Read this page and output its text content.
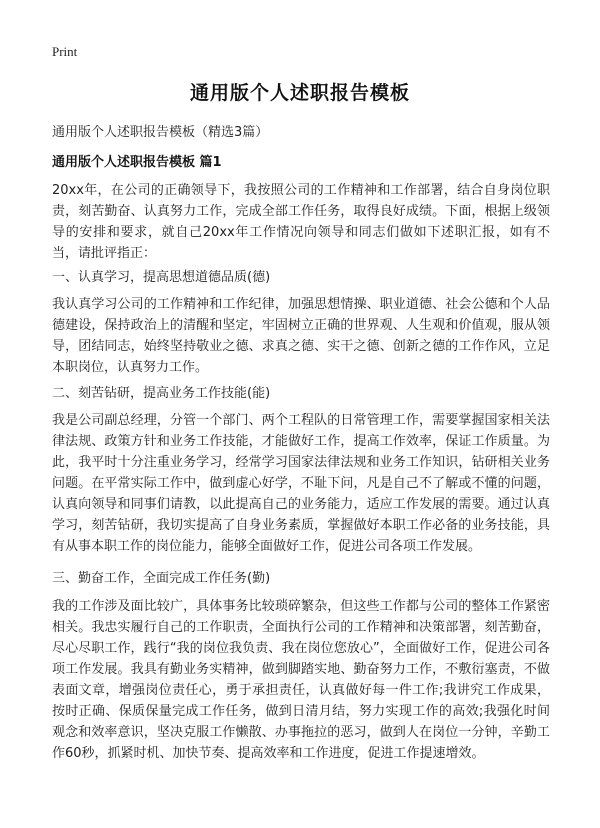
Print
通用版个人述职报告模板
通用版个人述职报告模板（精选3篇）
通用版个人述职报告模板 篇1

20xx年，在公司的正确领导下，我按照公司的工作精神和工作部署，结合自身岗位职责，刻苦勤奋、认真努力工作，完成全部工作任务，取得良好成绩。下面，根据上级领导的安排和要求，就自己20xx年工作情况向领导和同志们做如下述职汇报，如有不当，请批评指正：

一、认真学习，提高思想道德品质(德)

我认真学习公司的工作精神和工作纪律，加强思想情操、职业道德、社会公德和个人品德建设，保持政治上的清醒和坚定，牢固树立正确的世界观、人生观和价值观，服从领导，团结同志，始终坚持敬业之德、求真之德、实干之德、创新之德的工作作风，立足本职岗位，认真努力工作。

二、刻苦钻研，提高业务工作技能(能)

我是公司副总经理，分管一个部门、两个工程队的日常管理工作，需要掌握国家相关法律法规、政策方针和业务工作技能，才能做好工作，提高工作效率，保证工作质量。为此，我平时十分注重业务学习，经常学习国家法律法规和业务工作知识，钻研相关业务问题。在平常实际工作中，做到虚心好学，不耻下问，凡是自己不了解或不懂的问题，认真向领导和同事们请教，以此提高自己的业务能力，适应工作发展的需要。通过认真学习，刻苦钻研，我切实提高了自身业务素质，掌握做好本职工作必备的业务技能，具有从事本职工作的岗位能力，能够全面做好工作，促进公司各项工作发展。

三、勤奋工作，全面完成工作任务(勤)

我的工作涉及面比较广，具体事务比较琐碎繁杂，但这些工作都与公司的整体工作紧密相关。我忠实履行自己的工作职责，全面执行公司的工作精神和决策部署，刻苦勤奋，尽心尽职工作，践行“我的岗位我负责、我在岗位您放心”，全面做好工作，促进公司各项工作发展。我具有勤业务实精神，做到脚踏实地、勤奋努力工作，不敷衍塞责，不做表面文章，增强岗位责任心，勇于承担责任，认真做好每一件工作;我讲究工作成果，按时正确、保质保量完成工作任务，做到日清月结，努力实现工作的高效;我强化时间观念和效率意识，坚决克服工作懒散、办事拖拉的恶习，做到人在岗位一分钟，辛勤工作60秒，抓紧时机、加快节奏、提高效率和工作进度，促进工作提速增效。
